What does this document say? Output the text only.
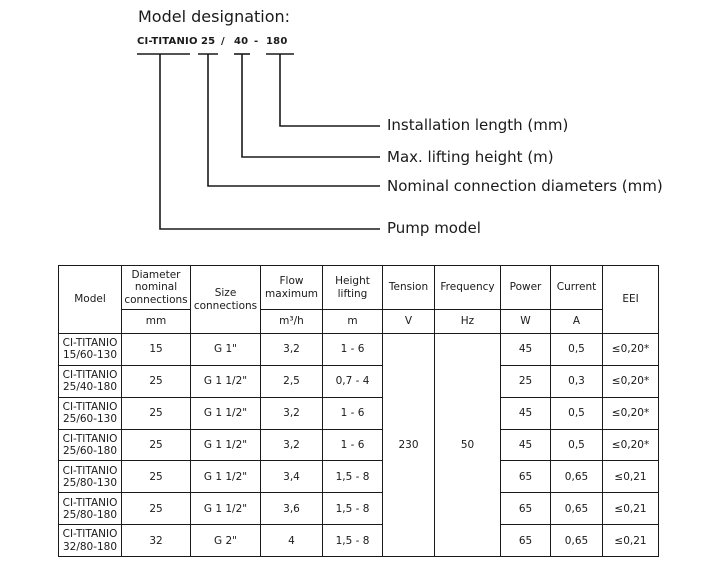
Model designation:
CI-TITANIO 25 / 40 - 180
Installation length (mm)
Max. lifting height (m)
Nominal connection diameters (mm)
Pump model
Model	Diameter nominal connections	Size connections	Flow maximum	Height lifting	Tension	Frequency	Power	Current	EEI
	mm		m³/h	m	V	Hz	W	A	
CI-TITANIO
15/60-130	15	G 1"	3,2	1 - 6	230	50	45	0,5	≤0,20*
CI-TITANIO
25/40-180	25	G 1 1/2"	2,5	0,7 - 4			25	0,3	≤0,20*
CI-TITANIO
25/60-130	25	G 1 1/2"	3,2	1 - 6			45	0,5	≤0,20*
CI-TITANIO
25/60-180	25	G 1 1/2"	3,2	1 - 6			45	0,5	≤0,20*
CI-TITANIO
25/80-130	25	G 1 1/2"	3,4	1,5 - 8			65	0,65	≤0,21
CI-TITANIO
25/80-180	25	G 1 1/2"	3,6	1,5 - 8			65	0,65	≤0,21
CI-TITANIO
32/80-180	32	G 2"	4	1,5 - 8			65	0,65	≤0,21
